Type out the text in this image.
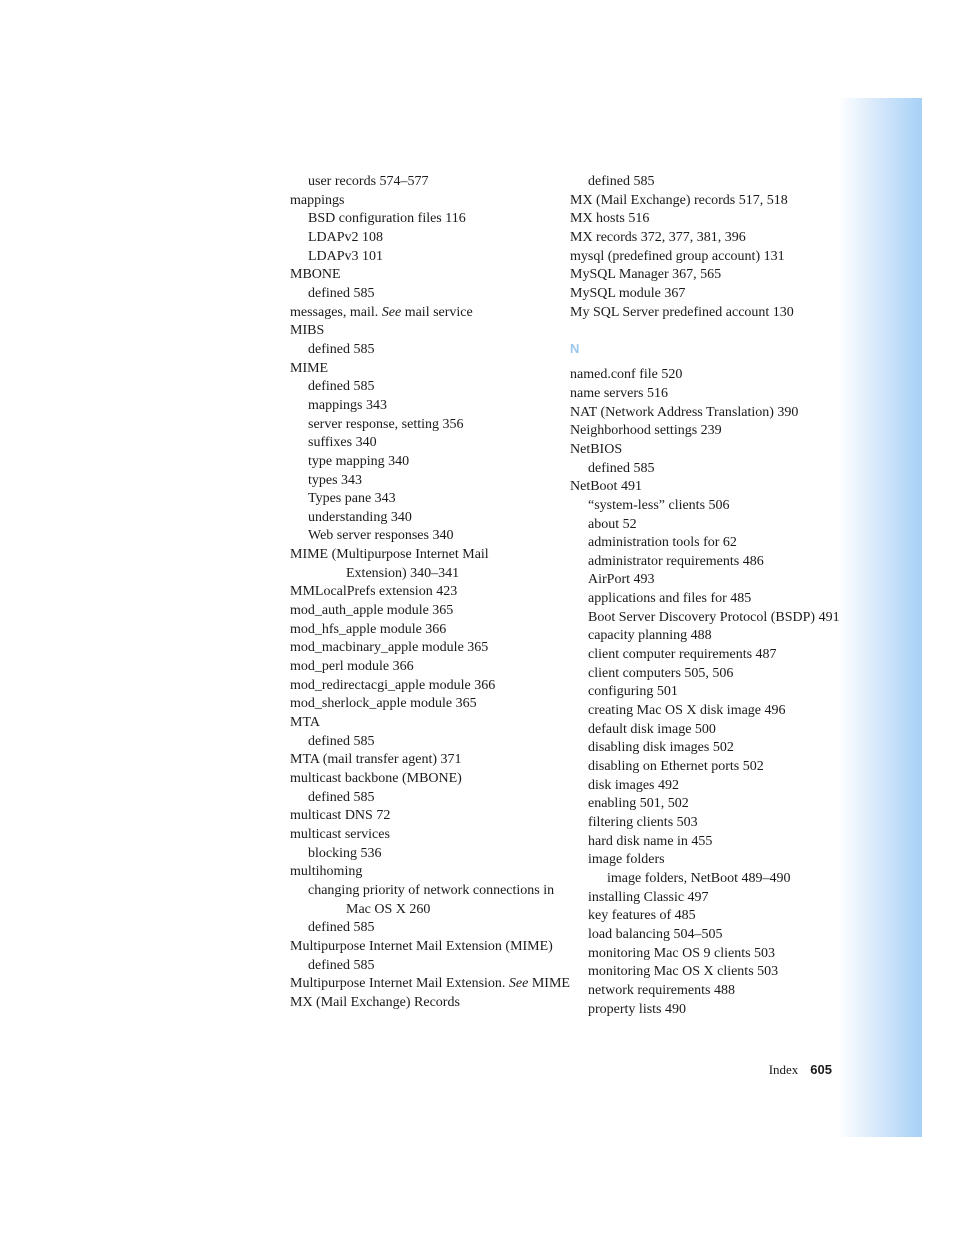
user records 574–577
mappings
BSD configuration files 116
LDAPv2 108
LDAPv3 101
MBONE
defined 585
messages, mail. See mail service
MIBS
defined 585
MIME
defined 585
mappings 343
server response, setting 356
suffixes 340
type mapping 340
types 343
Types pane 343
understanding 340
Web server responses 340
MIME (Multipurpose Internet Mail
Extension) 340–341
MMLocalPrefs extension 423
mod_auth_apple module 365
mod_hfs_apple module 366
mod_macbinary_apple module 365
mod_perl module 366
mod_redirectacgi_apple module 366
mod_sherlock_apple module 365
MTA
defined 585
MTA (mail transfer agent) 371
multicast backbone (MBONE)
defined 585
multicast DNS 72
multicast services
blocking 536
multihoming
changing priority of network connections in
Mac OS X 260
defined 585
Multipurpose Internet Mail Extension (MIME)
defined 585
Multipurpose Internet Mail Extension. See MIME
MX (Mail Exchange) Records
defined 585
MX (Mail Exchange) records 517, 518
MX hosts 516
MX records 372, 377, 381, 396
mysql (predefined group account) 131
MySQL Manager 367, 565
MySQL module 367
My SQL Server predefined account 130
N
named.conf file 520
name servers 516
NAT (Network Address Translation) 390
Neighborhood settings 239
NetBIOS
defined 585
NetBoot 491
“system-less” clients 506
about 52
administration tools for 62
administrator requirements 486
AirPort 493
applications and files for 485
Boot Server Discovery Protocol (BSDP) 491
capacity planning 488
client computer requirements 487
client computers 505, 506
configuring 501
creating Mac OS X disk image 496
default disk image 500
disabling disk images 502
disabling on Ethernet ports 502
disk images 492
enabling 501, 502
filtering clients 503
hard disk name in 455
image folders
image folders, NetBoot 489–490
installing Classic 497
key features of 485
load balancing 504–505
monitoring Mac OS 9 clients 503
monitoring Mac OS X clients 503
network requirements 488
property lists 490
Index 605
